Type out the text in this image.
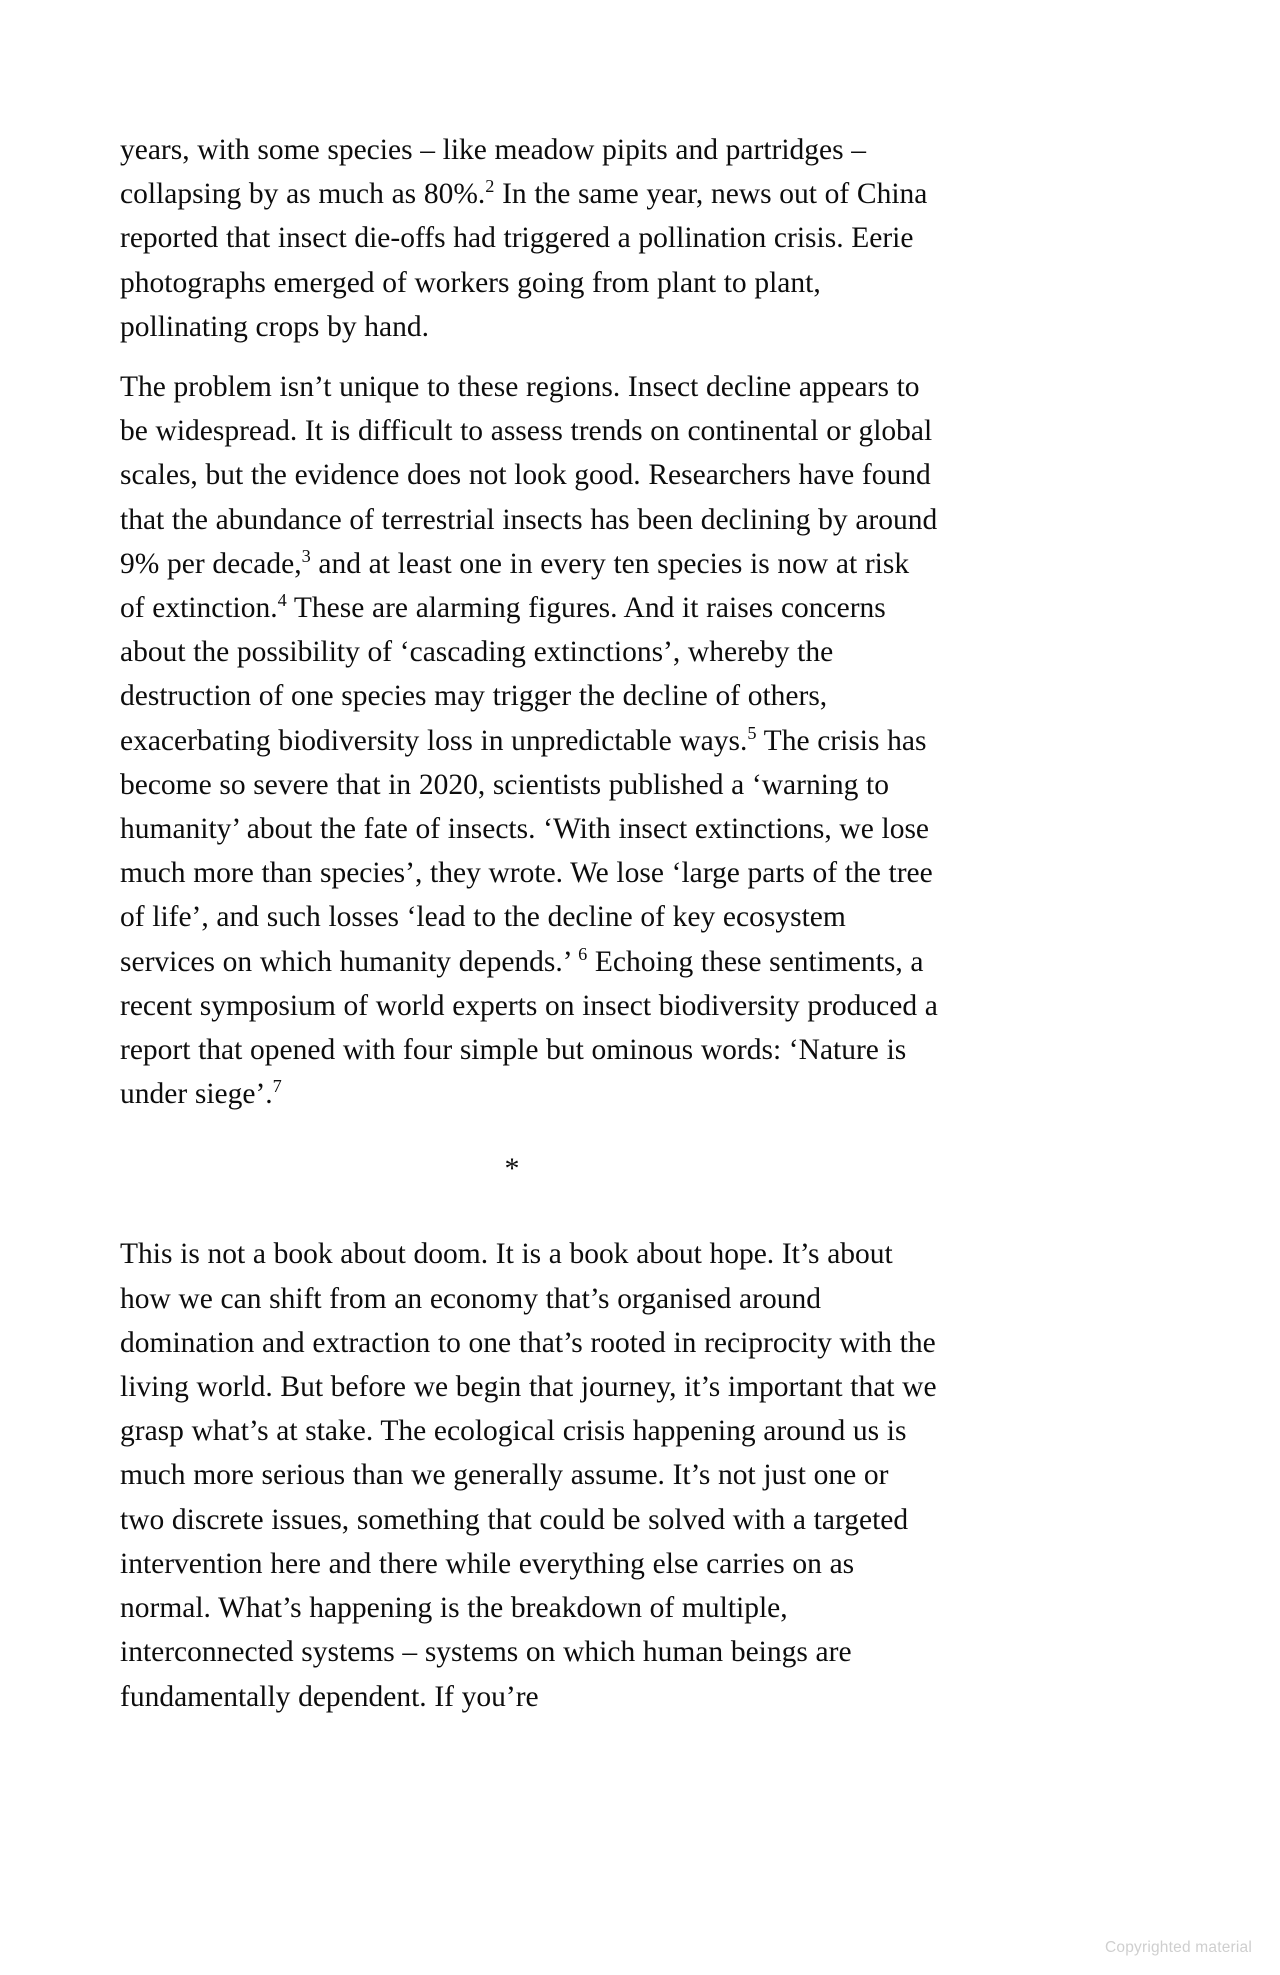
years, with some species – like meadow pipits and partridges – collapsing by as much as 80%.$^2$ In the same year, news out of China reported that insect die-offs had triggered a pollination crisis. Eerie photographs emerged of workers going from plant to plant, pollinating crops by hand.

The problem isn’t unique to these regions. Insect decline appears to be widespread. It is difficult to assess trends on continental or global scales, but the evidence does not look good. Researchers have found that the abundance of terrestrial insects has been declining by around 9% per decade,$^3$ and at least one in every ten species is now at risk of extinction.$^4$ These are alarming figures. And it raises concerns about the possibility of ‘cascading extinctions’, whereby the destruction of one species may trigger the decline of others, exacerbating biodiversity loss in unpredictable ways.$^5$ The crisis has become so severe that in 2020, scientists published a ‘warning to humanity’ about the fate of insects. ‘With insect extinctions, we lose much more than species’, they wrote. We lose ‘large parts of the tree of life’, and such losses ‘lead to the decline of key ecosystem services on which humanity depends.’ $^6$ Echoing these sentiments, a recent symposium of world experts on insect biodiversity produced a report that opened with four simple but ominous words: ‘Nature is under siege’.$^7$

*

This is not a book about doom. It is a book about hope. It’s about how we can shift from an economy that’s organised around domination and extraction to one that’s rooted in reciprocity with the living world. But before we begin that journey, it’s important that we grasp what’s at stake. The ecological crisis happening around us is much more serious than we generally assume. It’s not just one or two discrete issues, something that could be solved with a targeted intervention here and there while everything else carries on as normal. What’s happening is the breakdown of multiple, interconnected systems – systems on which human beings are fundamentally dependent. If you’re

Copyrighted material
